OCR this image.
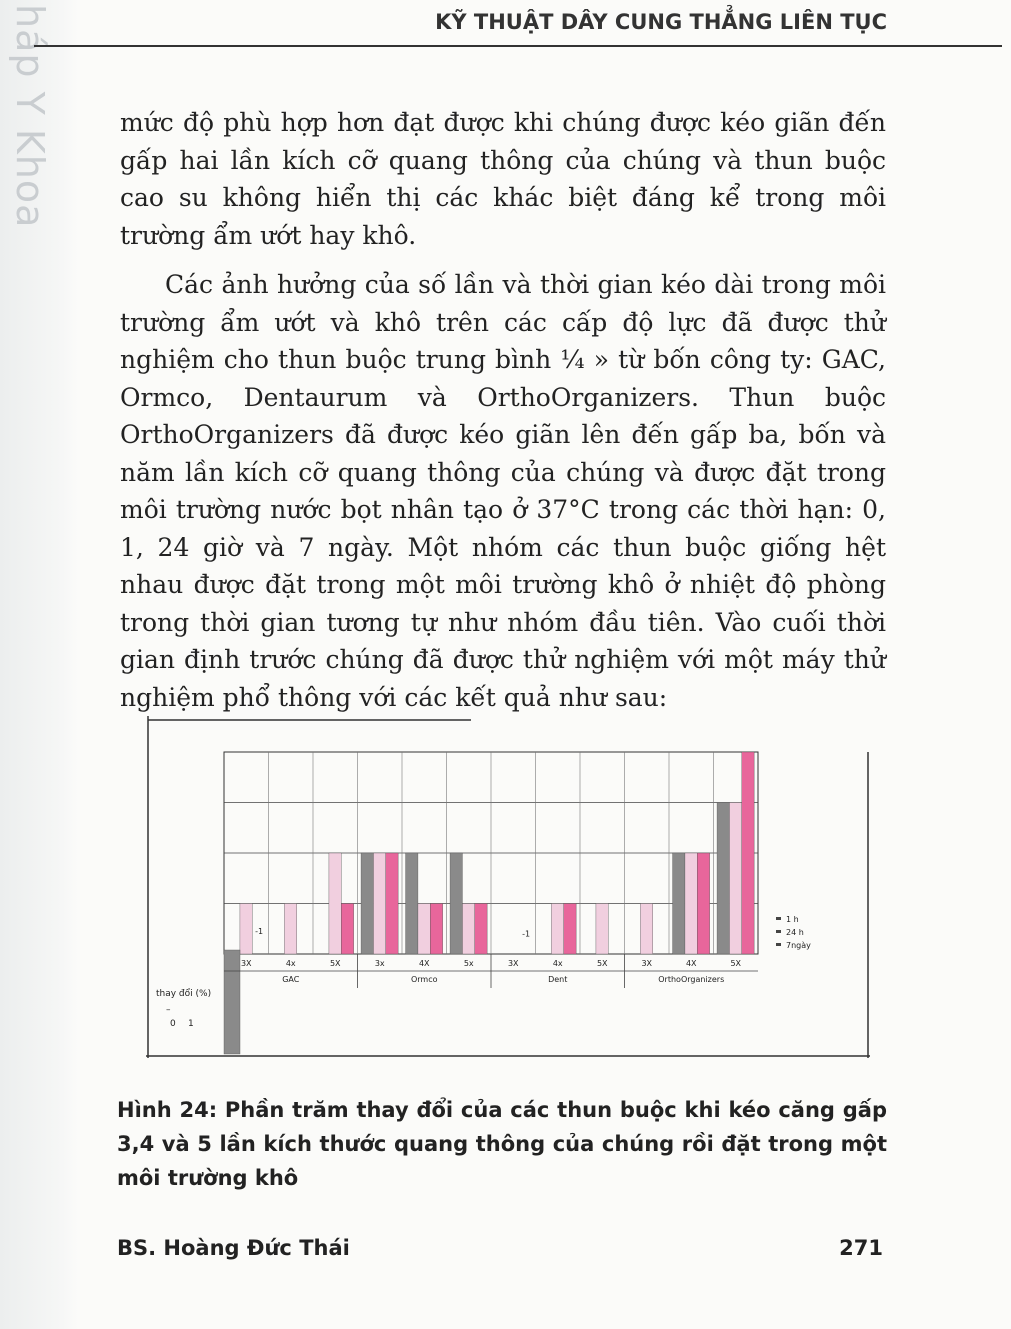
háp Y Khoa	KỸ THUẬT DÂY CUNG THẲNG LIÊN TỤC

mức độ phù hợp hơn đạt được khi chúng được kéo giãn đến gấp hai lần kích cỡ quang thông của chúng và thun buộc cao su không hiển thị các khác biệt đáng kể trong môi trường ẩm ướt hay khô.

Các ảnh hưởng của số lần và thời gian kéo dài trong môi trường ẩm ướt và khô trên các cấp độ lực đã được thử nghiệm cho thun buộc trung bình ¼ » từ bốn công ty: GAC, Ormco, Dentaurum và OrthoOrganizers. Thun buộc OrthoOrganizers đã được kéo giãn lên đến gấp ba, bốn và năm lần kích cỡ quang thông của chúng và được đặt trong môi trường nước bọt nhân tạo ở 37°C trong các thời hạn: 0, 1, 24 giờ và 7 ngày. Một nhóm các thun buộc giống hệt nhau được đặt trong một môi trường khô ở nhiệt độ phòng trong thời gian tương tự như nhóm đầu tiên. Vào cuối thời gian định trước chúng đã được thử nghiệm với một máy thử nghiệm phổ thông với các kết quả như sau:

3X	4x	5X	3x	4X	5x	3X	4x	5X	3X	4X	5X
GAC	Ormco	Dent	OrthoOrganizers
-1	-1
1 h
24 h
7ngày
thay đổi (%)
–
0 1
Hình 24: Phần trăm thay đổi của các thun buộc khi kéo căng gấp 3,4 và 5 lần kích thước quang thông của chúng rồi đặt trong một môi trường khô
BS. Hoàng Đức Thái	271
